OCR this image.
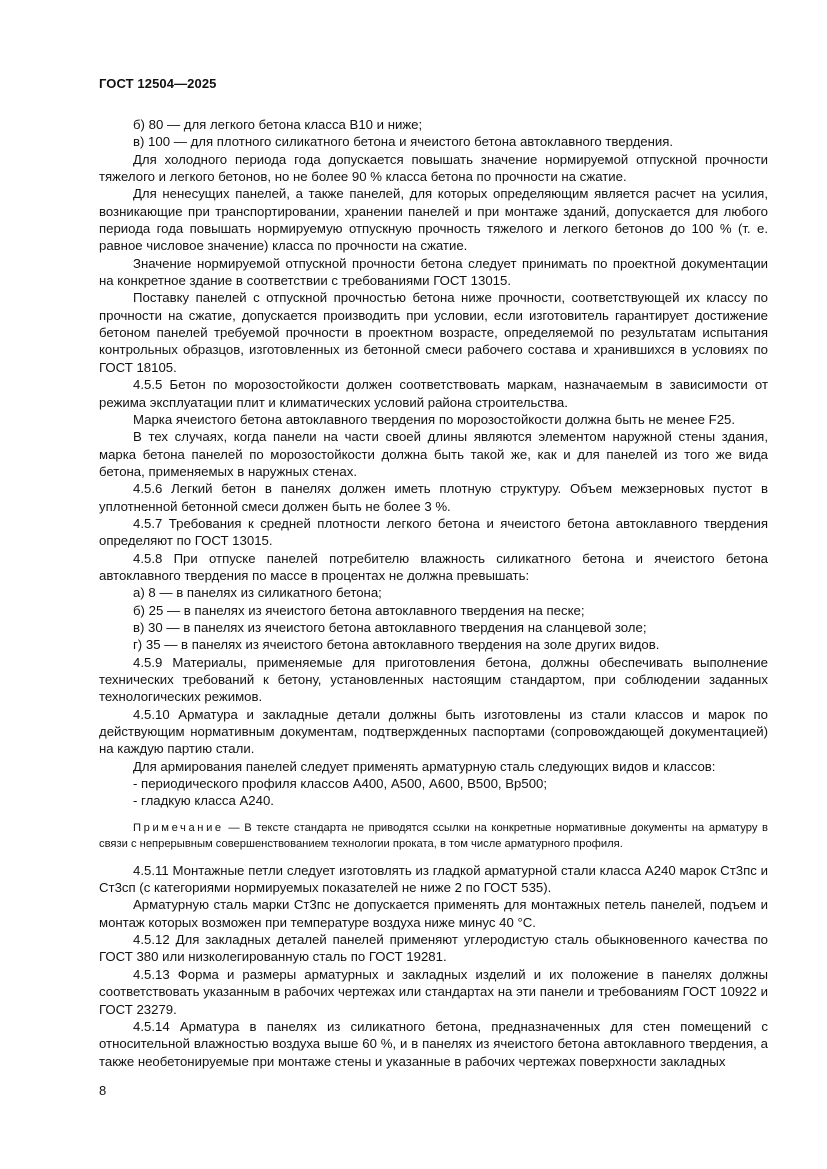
ГОСТ 12504—2025

б) 80 — для легкого бетона класса В10 и ниже;

в) 100 — для плотного силикатного бетона и ячеистого бетона автоклавного твердения.

Для холодного периода года допускается повышать значение нормируемой отпускной прочности тяжелого и легкого бетонов, но не более 90 % класса бетона по прочности на сжатие.

Для ненесущих панелей, а также панелей, для которых определяющим является расчет на усилия, возникающие при транспортировании, хранении панелей и при монтаже зданий, допускается для любого периода года повышать нормируемую отпускную прочность тяжелого и легкого бетонов до 100 % (т. е. равное числовое значение) класса по прочности на сжатие.

Значение нормируемой отпускной прочности бетона следует принимать по проектной документации на конкретное здание в соответствии с требованиями ГОСТ 13015.

Поставку панелей с отпускной прочностью бетона ниже прочности, соответствующей их классу по прочности на сжатие, допускается производить при условии, если изготовитель гарантирует достижение бетоном панелей требуемой прочности в проектном возрасте, определяемой по результатам испытания контрольных образцов, изготовленных из бетонной смеси рабочего состава и хранившихся в условиях по ГОСТ 18105.

4.5.5 Бетон по морозостойкости должен соответствовать маркам, назначаемым в зависимости от режима эксплуатации плит и климатических условий района строительства.

Марка ячеистого бетона автоклавного твердения по морозостойкости должна быть не менее F25.

В тех случаях, когда панели на части своей длины являются элементом наружной стены здания, марка бетона панелей по морозостойкости должна быть такой же, как и для панелей из того же вида бетона, применяемых в наружных стенах.

4.5.6 Легкий бетон в панелях должен иметь плотную структуру. Объем межзерновых пустот в уплотненной бетонной смеси должен быть не более 3 %.

4.5.7 Требования к средней плотности легкого бетона и ячеистого бетона автоклавного твердения определяют по ГОСТ 13015.

4.5.8 При отпуске панелей потребителю влажность силикатного бетона и ячеистого бетона автоклавного твердения по массе в процентах не должна превышать:

а) 8 — в панелях из силикатного бетона;

б) 25 — в панелях из ячеистого бетона автоклавного твердения на песке;

в) 30 — в панелях из ячеистого бетона автоклавного твердения на сланцевой золе;

г) 35 — в панелях из ячеистого бетона автоклавного твердения на золе других видов.

4.5.9 Материалы, применяемые для приготовления бетона, должны обеспечивать выполнение технических требований к бетону, установленных настоящим стандартом, при соблюдении заданных технологических режимов.

4.5.10 Арматура и закладные детали должны быть изготовлены из стали классов и марок по действующим нормативным документам, подтвержденных паспортами (сопровождающей документацией) на каждую партию стали.

Для армирования панелей следует применять арматурную сталь следующих видов и классов:

- периодического профиля классов А400, А500, А600, В500, Вр500;

- гладкую класса А240.

Примечание — В тексте стандарта не приводятся ссылки на конкретные нормативные документы на арматуру в связи с непрерывным совершенствованием технологии проката, в том числе арматурного профиля.

4.5.11 Монтажные петли следует изготовлять из гладкой арматурной стали класса А240 марок Ст3пс и Ст3сп (с категориями нормируемых показателей не ниже 2 по ГОСТ 535).

Арматурную сталь марки Ст3пс не допускается применять для монтажных петель панелей, подъем и монтаж которых возможен при температуре воздуха ниже минус 40 °С.

4.5.12 Для закладных деталей панелей применяют углеродистую сталь обыкновенного качества по ГОСТ 380 или низколегированную сталь по ГОСТ 19281.

4.5.13 Форма и размеры арматурных и закладных изделий и их положение в панелях должны соответствовать указанным в рабочих чертежах или стандартах на эти панели и требованиям ГОСТ 10922 и ГОСТ 23279.

4.5.14 Арматура в панелях из силикатного бетона, предназначенных для стен помещений с относительной влажностью воздуха выше 60 %, и в панелях из ячеистого бетона автоклавного твердения, а также необетонируемые при монтаже стены и указанные в рабочих чертежах поверхности закладных

8
